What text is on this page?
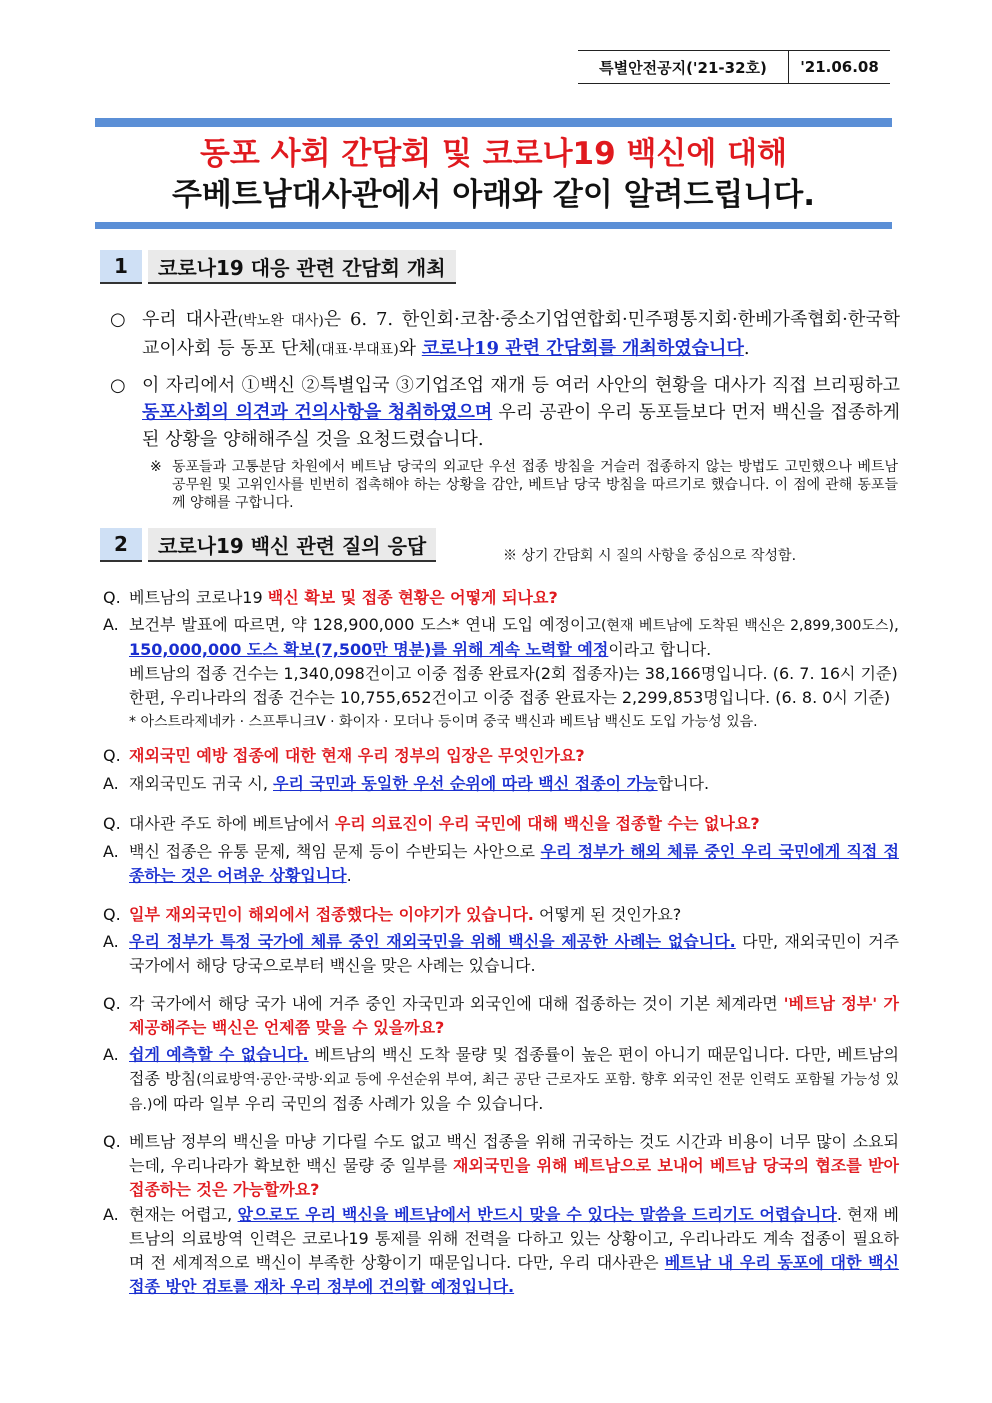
특별안전공지('21-32호)	'21.06.08
동포 사회 간담회 및 코로나19 백신에 대해
주베트남대사관에서 아래와 같이 알려드립니다.
1	코로나19 대응 관련 간담회 개최
○ 우리 대사관(박노완 대사)은 6. 7. 한인회·코참·중소기업연합회·민주평통지회·한베가족협회·한국학교이사회 등 동포 단체(대표·부대표)와 코로나19 관련 간담회를 개최하였습니다.
○ 이 자리에서 ①백신 ②특별입국 ③기업조업 재개 등 여러 사안의 현황을 대사가 직접 브리핑하고 동포사회의 의견과 건의사항을 청취하였으며 우리 공관이 우리 동포들보다 먼저 백신을 접종하게 된 상황을 양해해주실 것을 요청드렸습니다.
※ 동포들과 고통분담 차원에서 베트남 당국의 외교단 우선 접종 방침을 거슬러 접종하지 않는 방법도 고민했으나 베트남 공무원 및 고위인사를 빈번히 접촉해야 하는 상황을 감안, 베트남 당국 방침을 따르기로 했습니다. 이 점에 관해 동포들께 양해를 구합니다.
2	코로나19 백신 관련 질의 응답	※ 상기 간담회 시 질의 사항을 중심으로 작성함.
Q. 베트남의 코로나19 백신 확보 및 접종 현황은 어떻게 되나요?
A. 보건부 발표에 따르면, 약 128,900,000 도스* 연내 도입 예정이고(현재 베트남에 도착된 백신은 2,899,300도스), 150,000,000 도스 확보(7,500만 명분)를 위해 계속 노력할 예정이라고 합니다.
베트남의 접종 건수는 1,340,098건이고 이중 접종 완료자(2회 접종자)는 38,166명입니다. (6. 7. 16시 기준)
한편, 우리나라의 접종 건수는 10,755,652건이고 이중 접종 완료자는 2,299,853명입니다. (6. 8. 0시 기준)
* 아스트라제네카 · 스프투니크V · 화이자 · 모더나 등이며 중국 백신과 베트남 백신도 도입 가능성 있음.
Q. 재외국민 예방 접종에 대한 현재 우리 정부의 입장은 무엇인가요?
A. 재외국민도 귀국 시, 우리 국민과 동일한 우선 순위에 따라 백신 접종이 가능합니다.
Q. 대사관 주도 하에 베트남에서 우리 의료진이 우리 국민에 대해 백신을 접종할 수는 없나요?
A. 백신 접종은 유통 문제, 책임 문제 등이 수반되는 사안으로 우리 정부가 해외 체류 중인 우리 국민에게 직접 접종하는 것은 어려운 상황입니다.
Q. 일부 재외국민이 해외에서 접종했다는 이야기가 있습니다. 어떻게 된 것인가요?
A. 우리 정부가 특정 국가에 체류 중인 재외국민을 위해 백신을 제공한 사례는 없습니다. 다만, 재외국민이 거주 국가에서 해당 당국으로부터 백신을 맞은 사례는 있습니다.
Q. 각 국가에서 해당 국가 내에 거주 중인 자국민과 외국인에 대해 접종하는 것이 기본 체계라면 '베트남 정부' 가 제공해주는 백신은 언제쯤 맞을 수 있을까요?
A. 쉽게 예측할 수 없습니다. 베트남의 백신 도착 물량 및 접종률이 높은 편이 아니기 때문입니다. 다만, 베트남의 접종 방침(의료방역·공안·국방·외교 등에 우선순위 부여, 최근 공단 근로자도 포함. 향후 외국인 전문 인력도 포함될 가능성 있음.)에 따라 일부 우리 국민의 접종 사례가 있을 수 있습니다.
Q. 베트남 정부의 백신을 마냥 기다릴 수도 없고 백신 접종을 위해 귀국하는 것도 시간과 비용이 너무 많이 소요되는데, 우리나라가 확보한 백신 물량 중 일부를 재외국민을 위해 베트남으로 보내어 베트남 당국의 협조를 받아 접종하는 것은 가능할까요?
A. 현재는 어렵고, 앞으로도 우리 백신을 베트남에서 반드시 맞을 수 있다는 말씀을 드리기도 어렵습니다. 현재 베트남의 의료방역 인력은 코로나19 통제를 위해 전력을 다하고 있는 상황이고, 우리나라도 계속 접종이 필요하며 전 세계적으로 백신이 부족한 상황이기 때문입니다. 다만, 우리 대사관은 베트남 내 우리 동포에 대한 백신 접종 방안 검토를 재차 우리 정부에 건의할 예정입니다.
